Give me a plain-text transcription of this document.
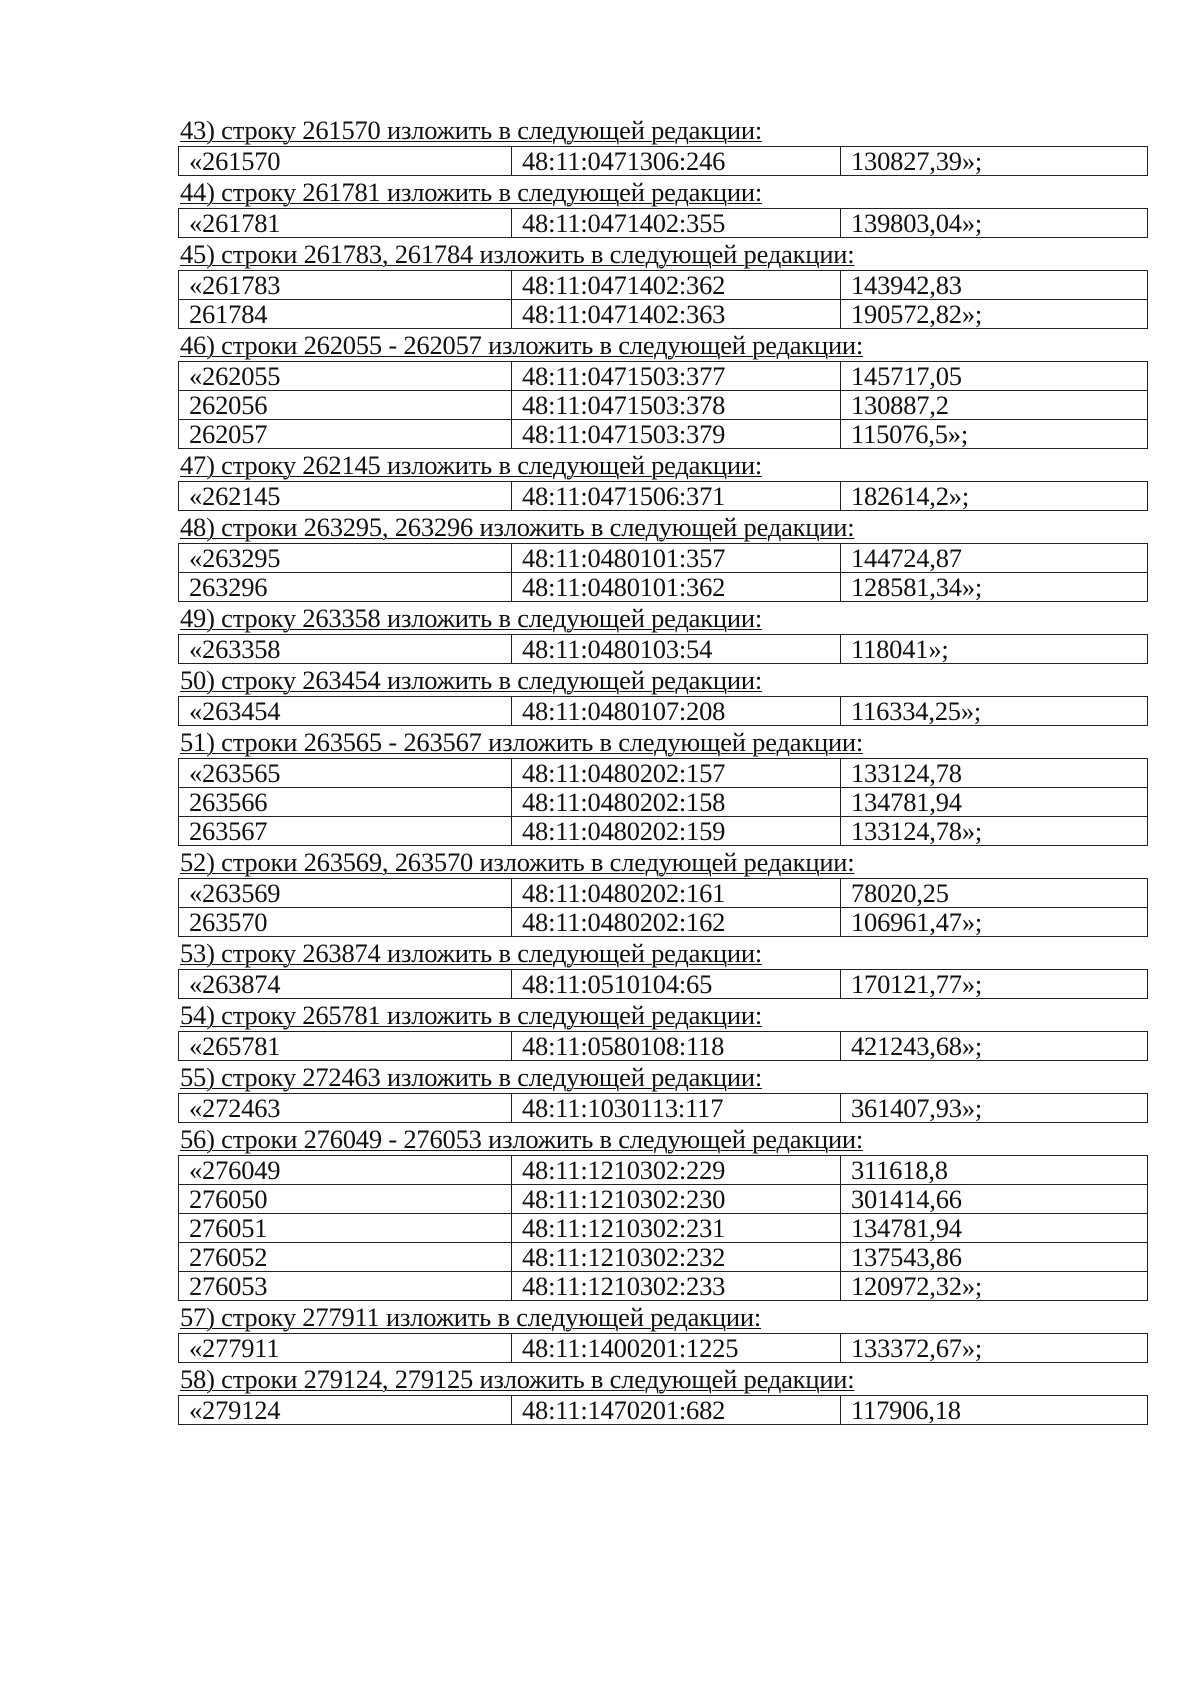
43) строку 261570 изложить в следующей редакции:
«261570	48:11:0471306:246	130827,39»;
44) строку 261781 изложить в следующей редакции:
«261781	48:11:0471402:355	139803,04»;
45) строки 261783, 261784 изложить в следующей редакции:
«261783	48:11:0471402:362	143942,83
261784	48:11:0471402:363	190572,82»;
46) строки 262055 - 262057 изложить в следующей редакции:
«262055	48:11:0471503:377	145717,05
262056	48:11:0471503:378	130887,2
262057	48:11:0471503:379	115076,5»;
47) строку 262145 изложить в следующей редакции:
«262145	48:11:0471506:371	182614,2»;
48) строки 263295, 263296 изложить в следующей редакции:
«263295	48:11:0480101:357	144724,87
263296	48:11:0480101:362	128581,34»;
49) строку 263358 изложить в следующей редакции:
«263358	48:11:0480103:54	118041»;
50) строку 263454 изложить в следующей редакции:
«263454	48:11:0480107:208	116334,25»;
51) строки 263565 - 263567 изложить в следующей редакции:
«263565	48:11:0480202:157	133124,78
263566	48:11:0480202:158	134781,94
263567	48:11:0480202:159	133124,78»;
52) строки 263569, 263570 изложить в следующей редакции:
«263569	48:11:0480202:161	78020,25
263570	48:11:0480202:162	106961,47»;
53) строку 263874 изложить в следующей редакции:
«263874	48:11:0510104:65	170121,77»;
54) строку 265781 изложить в следующей редакции:
«265781	48:11:0580108:118	421243,68»;
55) строку 272463 изложить в следующей редакции:
«272463	48:11:1030113:117	361407,93»;
56) строки 276049 - 276053 изложить в следующей редакции:
«276049	48:11:1210302:229	311618,8
276050	48:11:1210302:230	301414,66
276051	48:11:1210302:231	134781,94
276052	48:11:1210302:232	137543,86
276053	48:11:1210302:233	120972,32»;
57) строку 277911 изложить в следующей редакции:
«277911	48:11:1400201:1225	133372,67»;
58) строки 279124, 279125 изложить в следующей редакции:
«279124	48:11:1470201:682	117906,18
